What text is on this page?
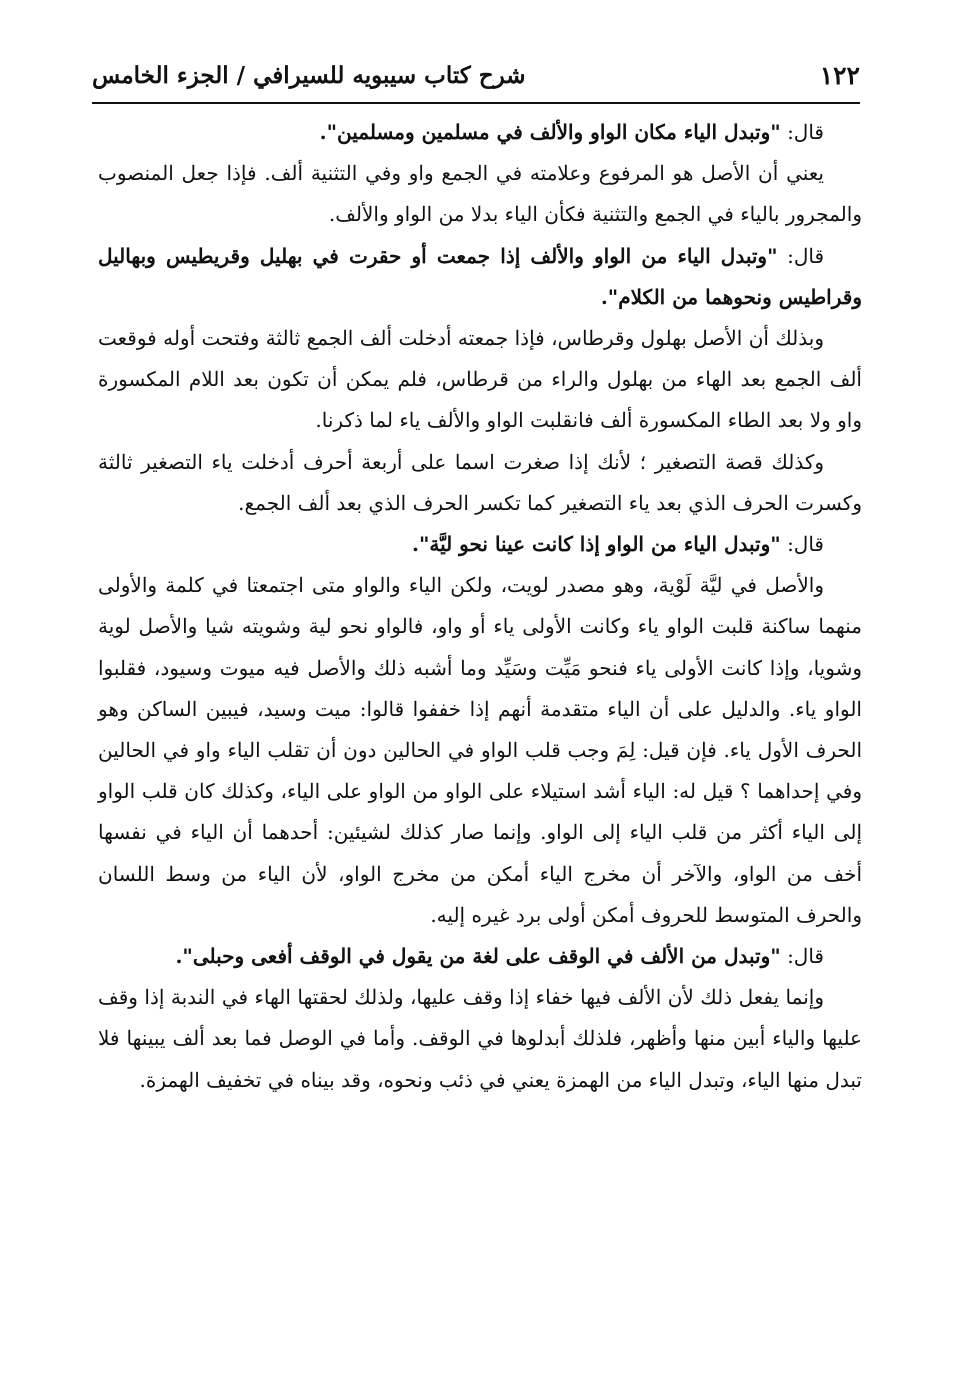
١٢٢
شرح كتاب سيبويه للسيرافي / الجزء الخامس

قال: "وتبدل الياء مكان الواو والألف في مسلمين ومسلمين".

يعني أن الأصل هو المرفوع وعلامته في الجمع واو وفي التثنية ألف. فإذا جعل المنصوب والمجرور بالياء في الجمع والتثنية فكأن الياء بدلا من الواو والألف.

قال: "وتبدل الياء من الواو والألف إذا جمعت أو حقرت في بهليل وقريطيس وبهاليل وقراطيس ونحوهما من الكلام".

وبذلك أن الأصل بهلول وقرطاس، فإذا جمعته أدخلت ألف الجمع ثالثة وفتحت أوله فوقعت ألف الجمع بعد الهاء من بهلول والراء من قرطاس، فلم يمكن أن تكون بعد اللام المكسورة واو ولا بعد الطاء المكسورة ألف فانقلبت الواو والألف ياء لما ذكرنا.

وكذلك قصة التصغير ؛ لأنك إذا صغرت اسما على أربعة أحرف أدخلت ياء التصغير ثالثة وكسرت الحرف الذي بعد ياء التصغير كما تكسر الحرف الذي بعد ألف الجمع.

قال: "وتبدل الياء من الواو إذا كانت عينا نحو ليَّة".

والأصل في ليَّة لَوْية، وهو مصدر لويت، ولكن الياء والواو متى اجتمعتا في كلمة والأولى منهما ساكنة قلبت الواو ياء وكانت الأولى ياء أو واو، فالواو نحو لية وشويته شيا والأصل لوية وشويا، وإذا كانت الأولى ياء فنحو مَيِّت وسَيِّد وما أشبه ذلك والأصل فيه ميوت وسيود، فقلبوا الواو ياء. والدليل على أن الياء متقدمة أنهم إذا خففوا قالوا: ميت وسيد، فيبين الساكن وهو الحرف الأول ياء. فإن قيل: لِمَ وجب قلب الواو في الحالين دون أن تقلب الياء واو في الحالين وفي إحداهما ؟ قيل له: الياء أشد استيلاء على الواو من الواو على الياء، وكذلك كان قلب الواو إلى الياء أكثر من قلب الياء إلى الواو. وإنما صار كذلك لشيئين: أحدهما أن الياء في نفسها أخف من الواو، والآخر أن مخرج الياء أمكن من مخرج الواو، لأن الياء من وسط اللسان والحرف المتوسط للحروف أمكن أولى برد غيره إليه.

قال: "وتبدل من الألف في الوقف على لغة من يقول في الوقف أفعى وحبلى".

وإنما يفعل ذلك لأن الألف فيها خفاء إذا وقف عليها، ولذلك لحقتها الهاء في الندبة إذا وقف عليها والياء أبين منها وأظهر، فلذلك أبدلوها في الوقف. وأما في الوصل فما بعد ألف يبينها فلا تبدل منها الياء، وتبدل الياء من الهمزة يعني في ذئب ونحوه، وقد بيناه في تخفيف الهمزة.
